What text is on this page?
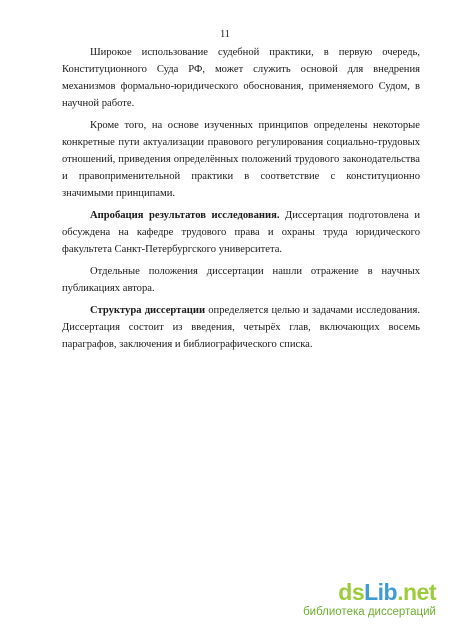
11

Широкое использование судебной практики, в первую очередь, Конституционного Суда РФ, может служить основой для внедрения механизмов формально-юридического обоснования, применяемого Судом, в научной работе.

Кроме того, на основе изученных принципов определены некоторые конкретные пути актуализации правового регулирования социально-трудовых отношений, приведения определённых положений трудового законодательства и правоприменительной практики в соответствие с конституционно значимыми принципами.

Апробация результатов исследования. Диссертация подготовлена и обсуждена на кафедре трудового права и охраны труда юридического факультета Санкт-Петербургского университета.

Отдельные положения диссертации нашли отражение в научных публикациях автора.

Структура диссертации определяется целью и задачами исследования. Диссертация состоит из введения, четырёх глав, включающих восемь параграфов, заключения и библиографического списка.

dsLib.net
библиотека диссертаций
